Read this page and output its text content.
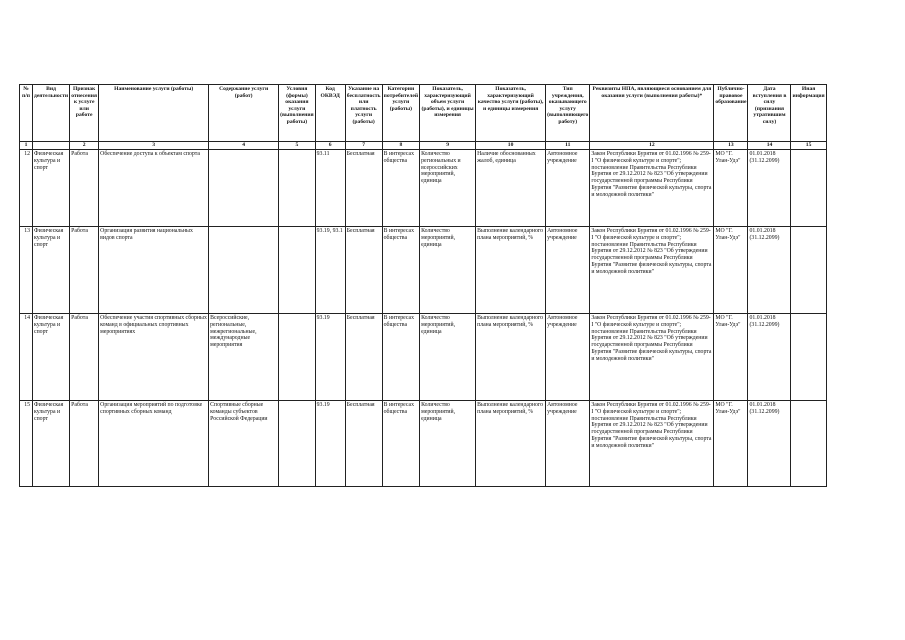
№ п/п	Вид деятельности	Признак отнесения к услуге или работе	Наименование услуги (работы)	Содержание услуги (работ)	Условия (формы) оказания услуги (выполнения работы)	Код ОКВЭД	Указание на бесплатность или платность услуги (работы)	Категории потребителей услуги (работы)	Показатель, характеризующий объем услуги (работы), и единицы измерения	Показатель, характеризующий качество услуги (работы), и единицы измерения	Тип учреждения, оказывающего услугу (выполняющего работу)	Реквизиты НПА, являющиеся основанием для оказания услуги (выполнения работы)*	Публично-правовое образование	Дата вступления в силу (признания утратившим силу)	Иная информация
1		2	3	4	5	6	7	8	9	10	11	12	13	14	15
12	Физическая культура и спорт	Работа	Обеспечение доступа к объектам спорта			93.11	Бесплатная	В интересах общества	Количество региональных и всероссийских мероприятий, единица	Наличие обоснованных жалоб, единица	Автономное учреждение	Закон Республики Бурятия от 01.02.1996 № 259-I "О физической культуре и спорте"; постановление Правительства Республики Бурятия от 29.12.2012 № 823 "Об утверждении государственной программы Республики Бурятия "Развитие физической культуры, спорта и молодежной политики"	МО "Г. Улан-Удэ"	01.01.2018 (31.12.2099)	
13	Физическая культура и спорт	Работа	Организация развития национальных видов спорта			93.19, 93.1	Бесплатная	В интересах общества	Количество мероприятий, единица	Выполнение календарного плана мероприятий, %	Автономное учреждение	Закон Республики Бурятия от 01.02.1996 № 259-I "О физической культуре и спорте"; постановление Правительства Республики Бурятия от 29.12.2012 № 823 "Об утверждении государственной программы Республики Бурятия "Развитие физической культуры, спорта и молодежной политики"	МО "Г. Улан-Удэ"	01.01.2018 (31.12.2099)	
14	Физическая культура и спорт	Работа	Обеспечение участия спортивных сборных команд в официальных спортивных мероприятиях	Всероссийские, региональные, межрегиональные, международные мероприятия		93.19	Бесплатная	В интересах общества	Количество мероприятий, единица	Выполнение календарного плана мероприятий, %	Автономное учреждение	Закон Республики Бурятия от 01.02.1996 № 259-I "О физической культуре и спорте"; постановление Правительства Республики Бурятия от 29.12.2012 № 823 "Об утверждении государственной программы Республики Бурятия "Развитие физической культуры, спорта и молодежной политики"	МО "Г. Улан-Удэ"	01.01.2018 (31.12.2099)	
15	Физическая культура и спорт	Работа	Организация мероприятий по подготовке спортивных сборных команд	Спортивные сборные команды субъектов Российской Федерации		93.19	Бесплатная	В интересах общества	Количество мероприятий, единица	Выполнение календарного плана мероприятий, %	Автономное учреждение	Закон Республики Бурятия от 01.02.1996 № 259-I "О физической культуре и спорте"; постановление Правительства Республики Бурятия от 29.12.2012 № 823 "Об утверждении государственной программы Республики Бурятия "Развитие физической культуры, спорта и молодежной политики"	МО "Г. Улан-Удэ"	01.01.2018 (31.12.2099)	
